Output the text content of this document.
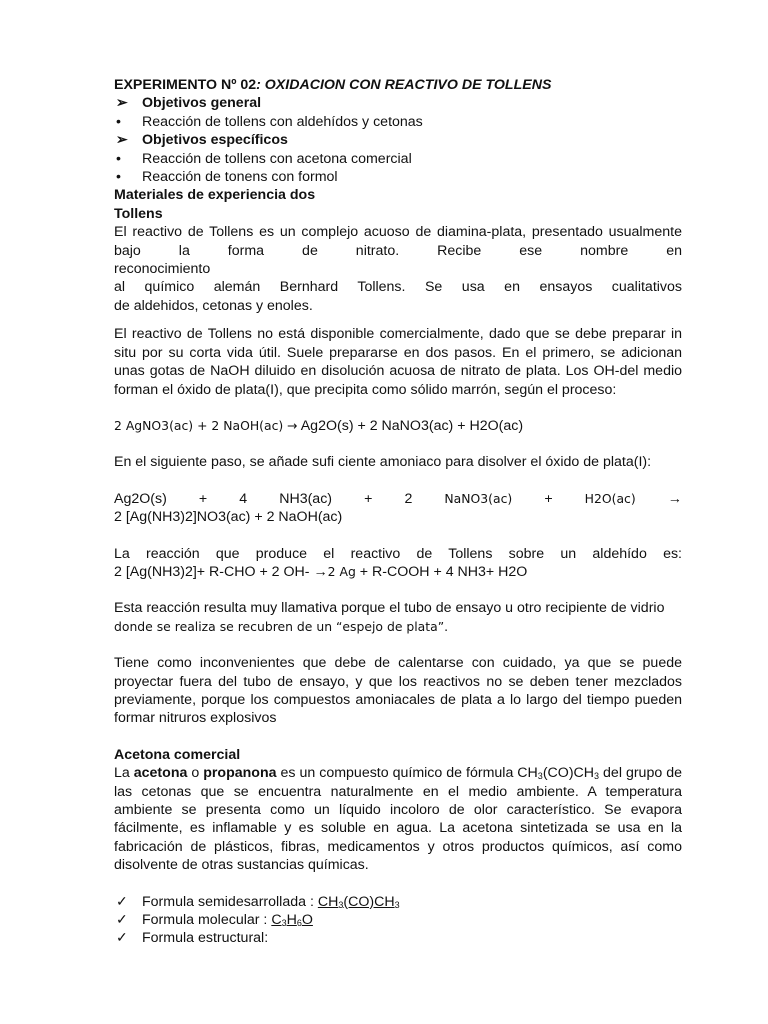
EXPERIMENTO Nº 02: OXIDACION CON REACTIVO DE TOLLENS
➢ Objetivos general
• Reacción de tollens con aldehídos y cetonas
➢ Objetivos específicos
• Reacción de tollens con acetona comercial
• Reacción de tonens con formol
Materiales de experiencia dos
Tollens
El reactivo de Tollens es un complejo acuoso de diamina-plata, presentado usualmente
bajo la forma de nitrato. Recibe ese nombre en reconocimiento
al químico alemán Bernhard Tollens. Se usa en ensayos cualitativos
de aldehidos, cetonas y enoles.
El reactivo de Tollens no está disponible comercialmente, dado que se debe preparar in situ por su corta vida útil. Suele prepararse en dos pasos. En el primero, se adicionan unas gotas de NaOH diluido en disolución acuosa de nitrato de plata. Los OH-del medio forman el óxido de plata(I), que precipita como sólido marrón, según el proceso:
2 AgNO3(ac) + 2 NaOH(ac) → Ag2O(s) + 2 NaNO3(ac) + H2O(ac)
En el siguiente paso, se añade sufi ciente amoniaco para disolver el óxido de plata(I):
Ag2O(s) + 4 NH3(ac) + 2	NaNO3(ac) +	H2O(ac) →
2 [Ag(NH3)2]NO3(ac) + 2 NaOH(ac)
La reacción que produce el reactivo de Tollens sobre un aldehído es:
2 [Ag(NH3)2]+ R-CHO + 2 OH- →2 Ag + R-COOH + 4 NH3+ H2O
Esta reacción resulta muy llamativa porque el tubo de ensayo u otro recipiente de vidrio
donde se realiza se recubren de un “espejo de plata”.
Tiene como inconvenientes que debe de calentarse con cuidado, ya que se puede proyectar fuera del tubo de ensayo, y que los reactivos no se deben tener mezclados previamente, porque los compuestos amoniacales de plata a lo largo del tiempo pueden formar nitruros explosivos
Acetona comercial
La acetona o propanona es un compuesto químico de fórmula $CH_3(CO)CH_3$ del grupo de las cetonas que se encuentra naturalmente en el medio ambiente. A temperatura ambiente se presenta como un líquido incoloro de olor característico. Se evapora fácilmente, es inflamable y es soluble en agua. La acetona sintetizada se usa en la fabricación de plásticos, fibras, medicamentos y otros productos químicos, así como disolvente de otras sustancias químicas.
✓ Formula semidesarrollada : $CH_3(CO)CH_3$
✓ Formula molecular : $C_3H_6O$
✓ Formula estructural:
